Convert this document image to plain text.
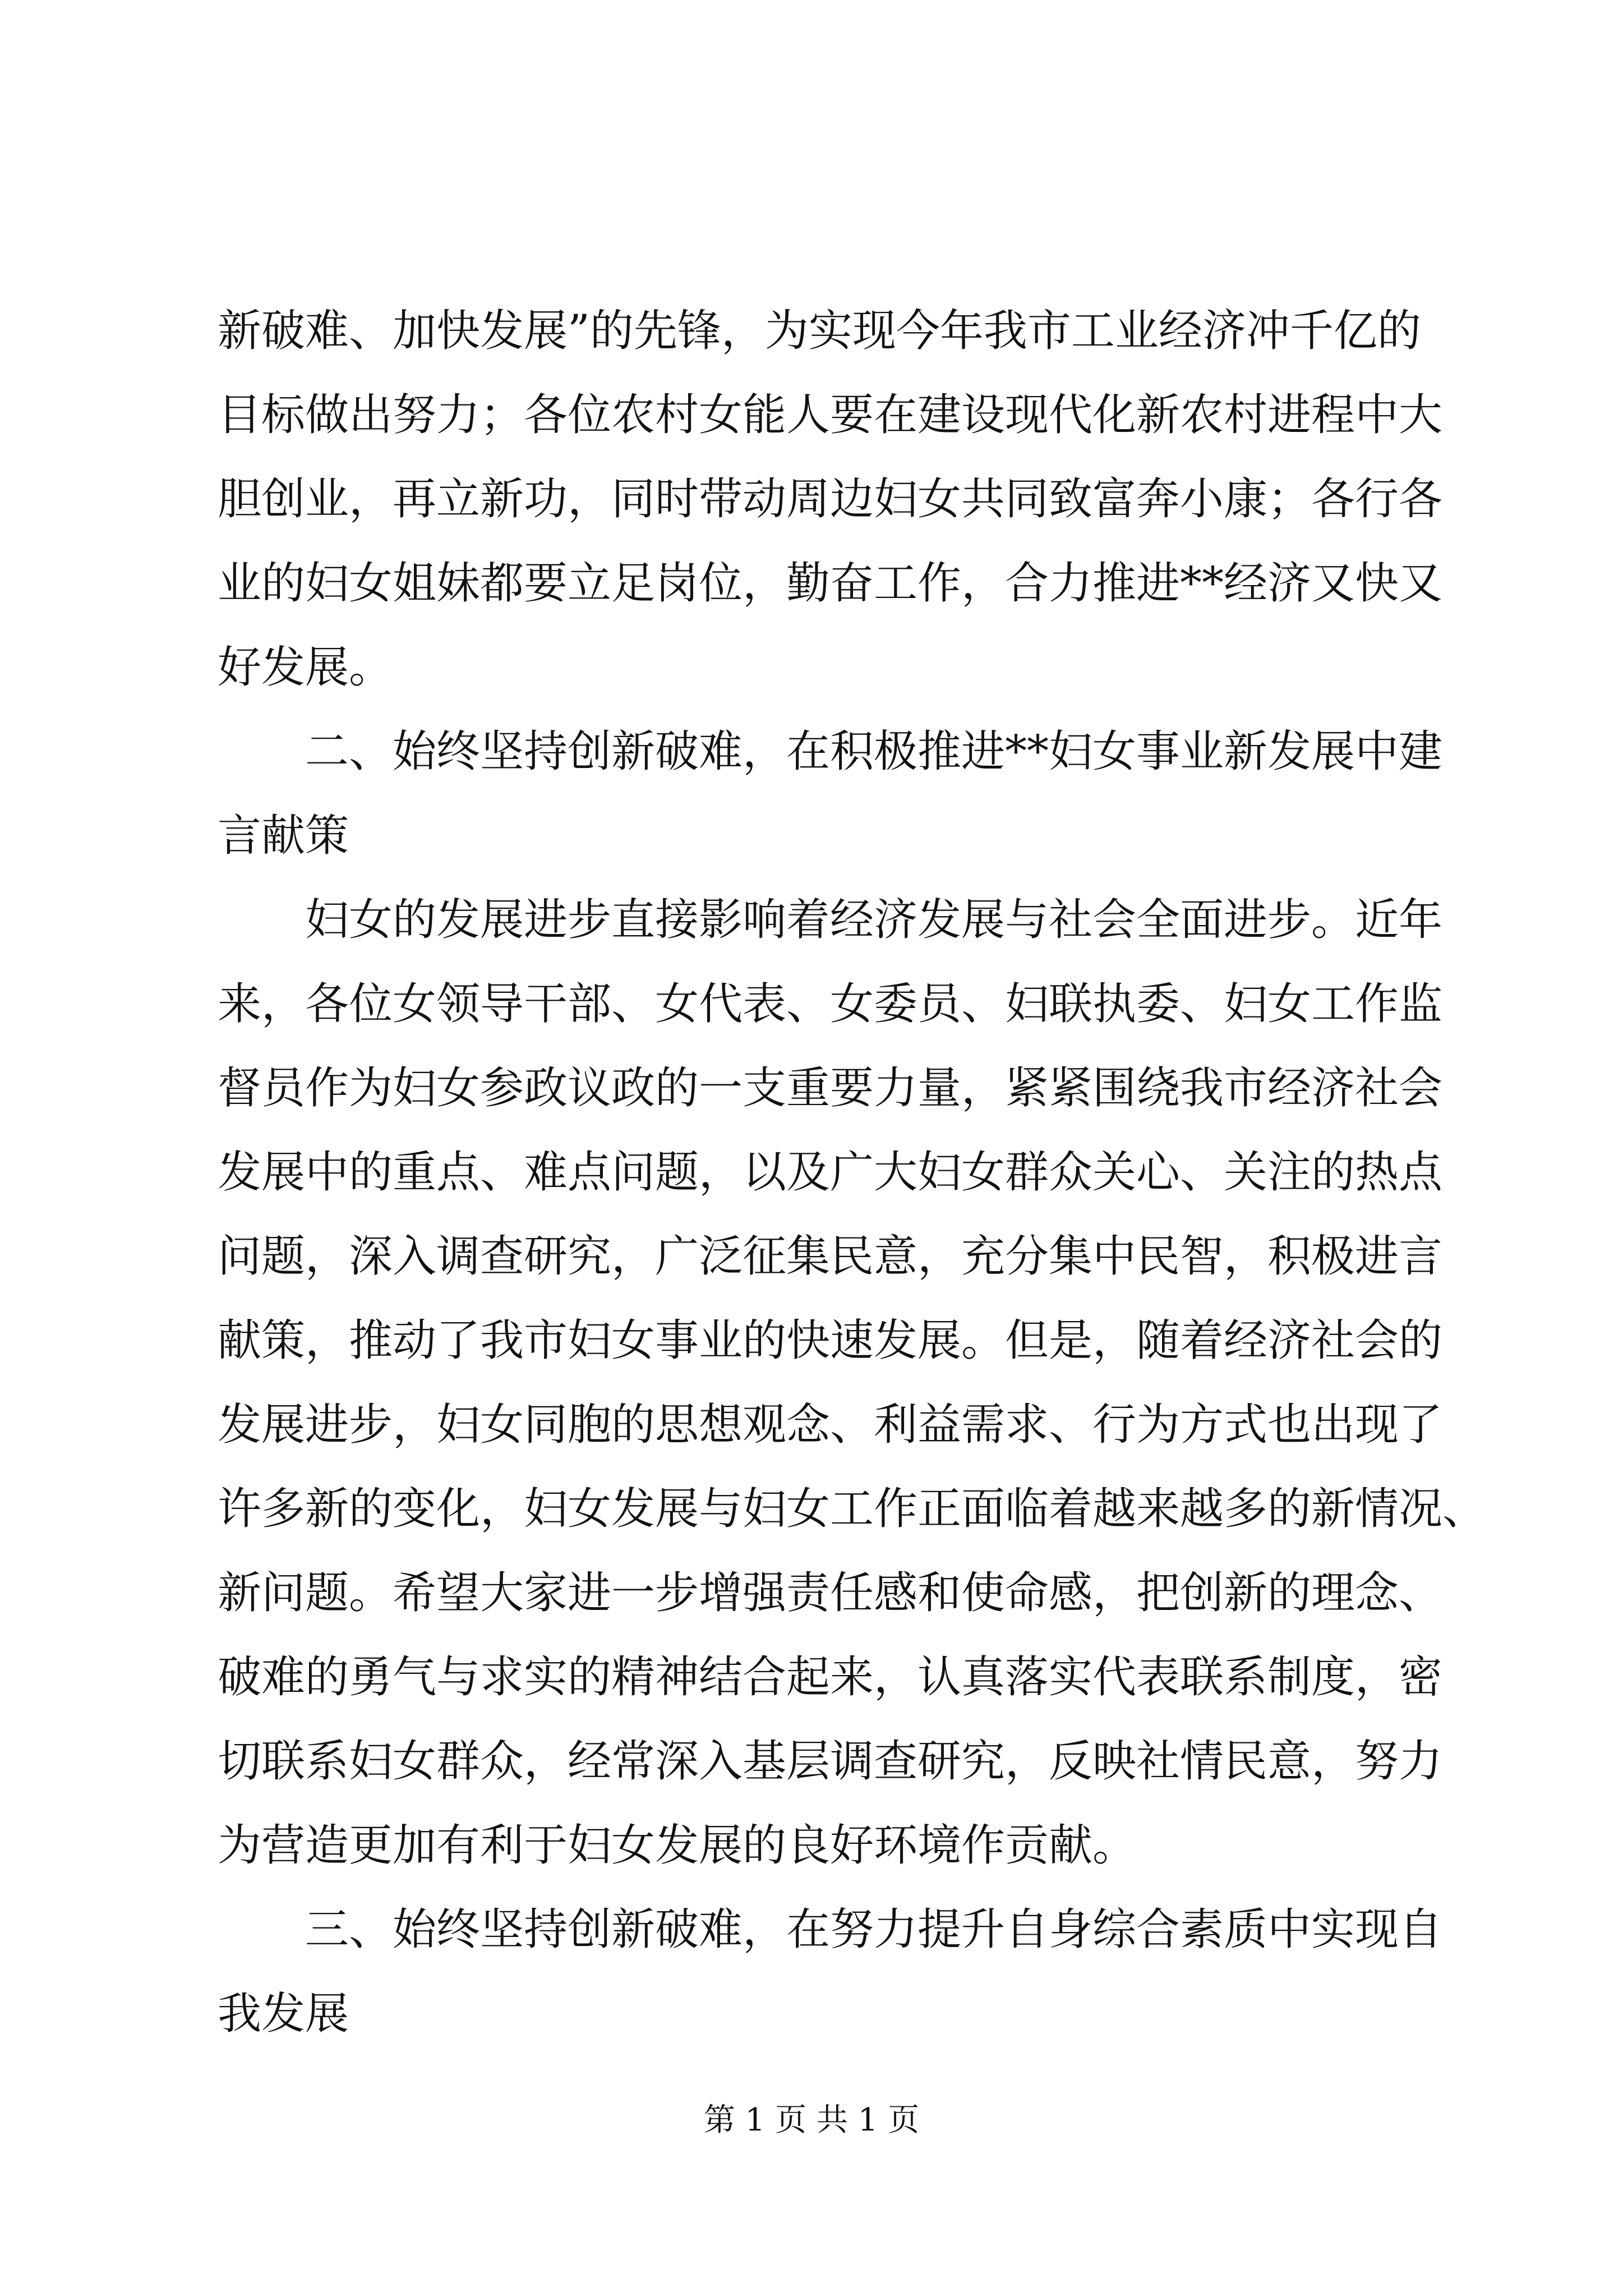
新破难、加快发展”的先锋，为实现今年我市工业经济冲千亿的
目标做出努力；各位农村女能人要在建设现代化新农村进程中大
胆创业，再立新功，同时带动周边妇女共同致富奔小康；各行各
业的妇女姐妹都要立足岗位，勤奋工作，合力推进**经济又快又
好发展。
二、始终坚持创新破难，在积极推进**妇女事业新发展中建
言献策
妇女的发展进步直接影响着经济发展与社会全面进步。近年
来，各位女领导干部、女代表、女委员、妇联执委、妇女工作监
督员作为妇女参政议政的一支重要力量，紧紧围绕我市经济社会
发展中的重点、难点问题，以及广大妇女群众关心、关注的热点
问题，深入调查研究，广泛征集民意，充分集中民智，积极进言
献策，推动了我市妇女事业的快速发展。但是，随着经济社会的
发展进步，妇女同胞的思想观念、利益需求、行为方式也出现了
许多新的变化，妇女发展与妇女工作正面临着越来越多的新情况、
新问题。希望大家进一步增强责任感和使命感，把创新的理念、
破难的勇气与求实的精神结合起来，认真落实代表联系制度，密
切联系妇女群众，经常深入基层调查研究，反映社情民意，努力
为营造更加有利于妇女发展的良好环境作贡献。
三、始终坚持创新破难，在努力提升自身综合素质中实现自
我发展
第 1 页 共 1 页
